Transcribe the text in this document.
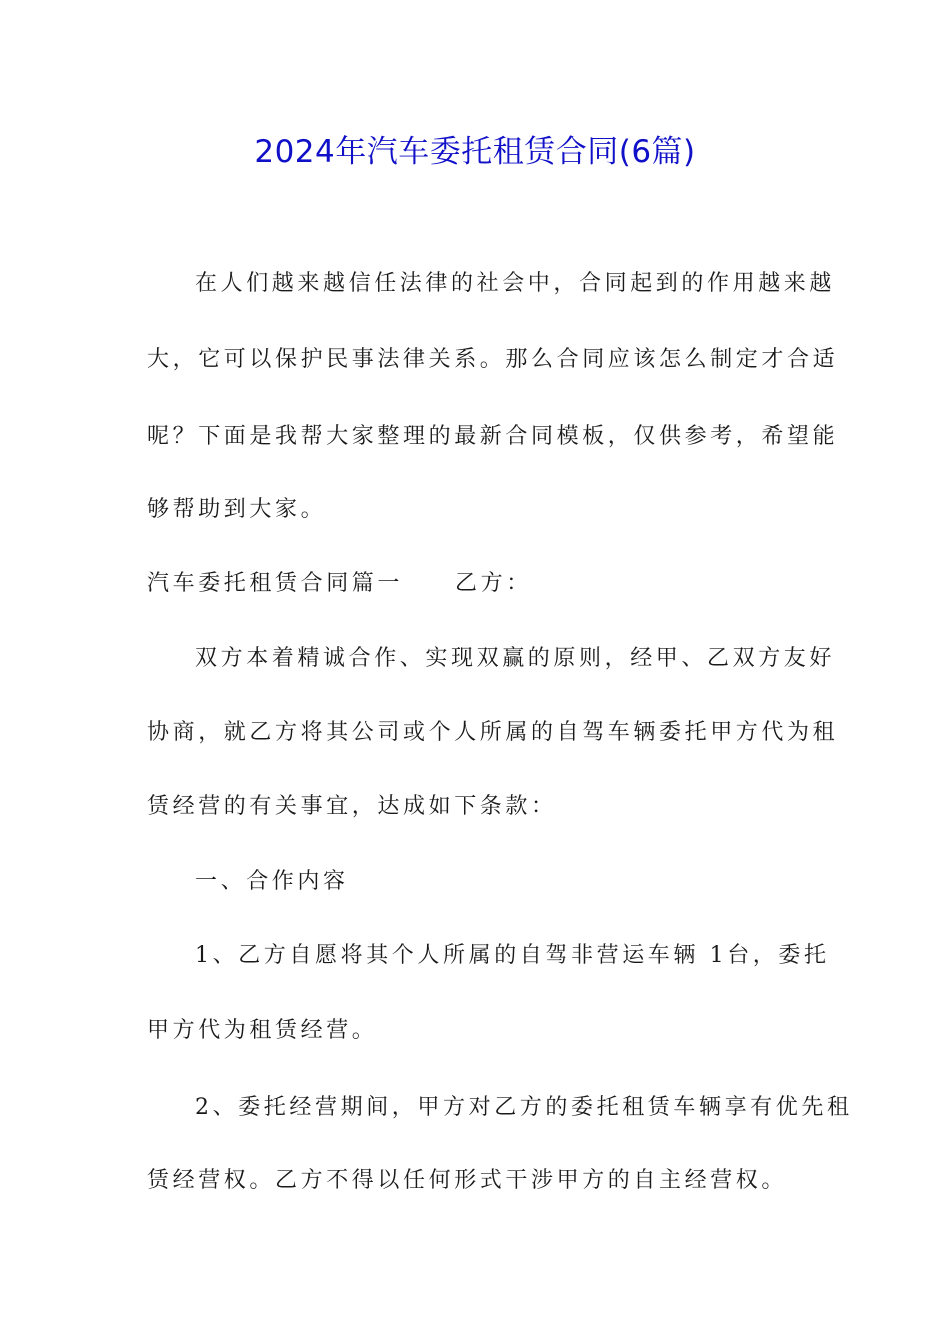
2024年汽车委托租赁合同(6篇)
在人们越来越信任法律的社会中，合同起到的作用越来越
大，它可以保护民事法律关系。那么合同应该怎么制定才合适
呢？下面是我帮大家整理的最新合同模板，仅供参考，希望能
够帮助到大家。
汽车委托租赁合同篇一 乙方：
双方本着精诚合作、实现双赢的原则，经甲、乙双方友好
协商，就乙方将其公司或个人所属的自驾车辆委托甲方代为租
赁经营的有关事宜，达成如下条款：
一、合作内容
1、乙方自愿将其个人所属的自驾非营运车辆 1台，委托
甲方代为租赁经营。
2、委托经营期间，甲方对乙方的委托租赁车辆享有优先租
赁经营权。乙方不得以任何形式干涉甲方的自主经营权。
